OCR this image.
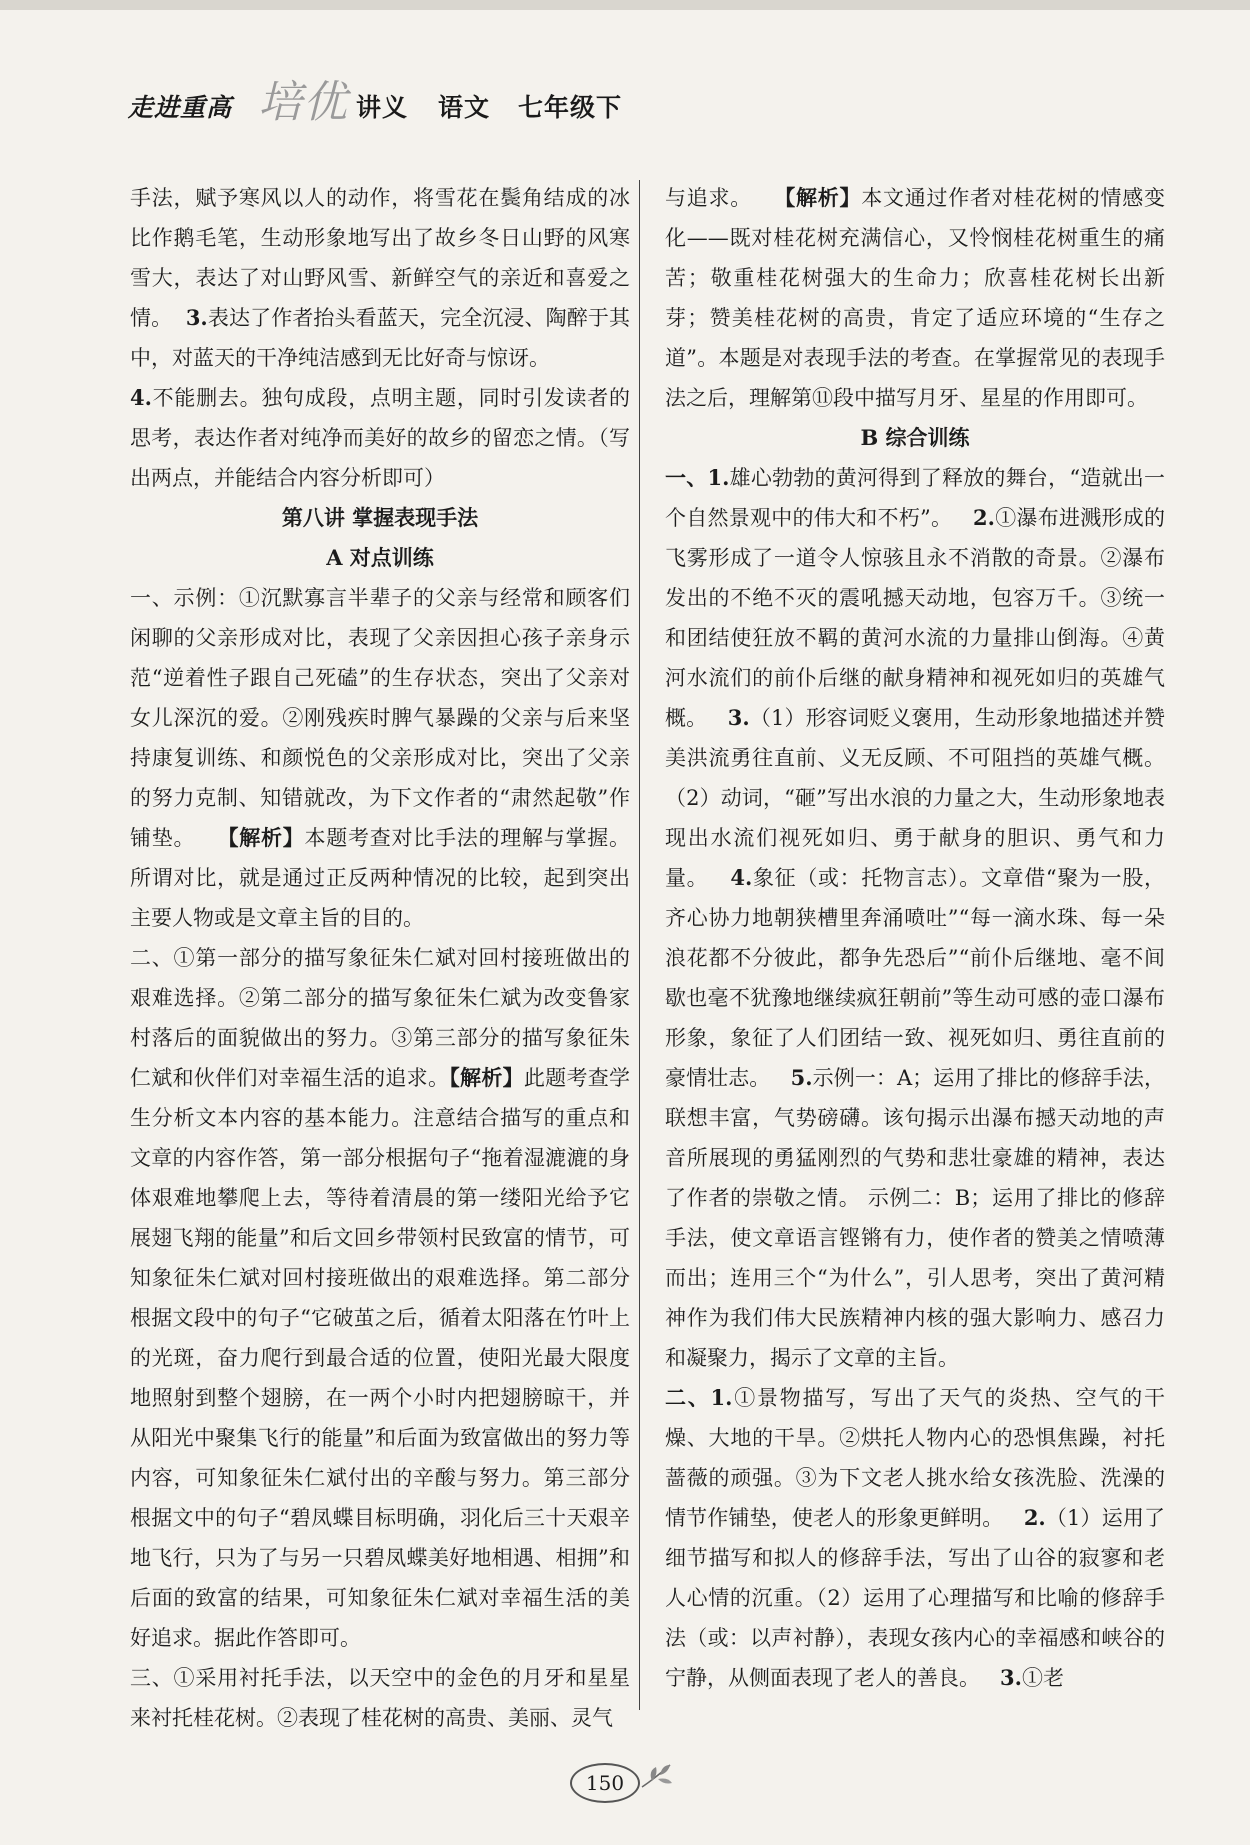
走进重高 培优 讲义 语文 七年级下

手法，赋予寒风以人的动作，将雪花在鬓角结成的冰比作鹅毛笔，生动形象地写出了故乡冬日山野的风寒雪大，表达了对山野风雪、新鲜空气的亲近和喜爱之情。 3.表达了作者抬头看蓝天，完全沉浸、陶醉于其中，对蓝天的干净纯洁感到无比好奇与惊讶。

4.不能删去。独句成段，点明主题，同时引发读者的思考，表达作者对纯净而美好的故乡的留恋之情。（写出两点，并能结合内容分析即可）

第八讲 掌握表现手法

A 对点训练

一、示例：①沉默寡言半辈子的父亲与经常和顾客们闲聊的父亲形成对比，表现了父亲因担心孩子亲身示范“逆着性子跟自己死磕”的生存状态，突出了父亲对女儿深沉的爱。②刚残疾时脾气暴躁的父亲与后来坚持康复训练、和颜悦色的父亲形成对比，突出了父亲的努力克制、知错就改，为下文作者的“肃然起敬”作铺垫。 【解析】本题考查对比手法的理解与掌握。所谓对比，就是通过正反两种情况的比较，起到突出主要人物或是文章主旨的目的。

二、①第一部分的描写象征朱仁斌对回村接班做出的艰难选择。②第二部分的描写象征朱仁斌为改变鲁家村落后的面貌做出的努力。③第三部分的描写象征朱仁斌和伙伴们对幸福生活的追求。【解析】此题考查学生分析文本内容的基本能力。注意结合描写的重点和文章的内容作答，第一部分根据句子“拖着湿漉漉的身体艰难地攀爬上去，等待着清晨的第一缕阳光给予它展翅飞翔的能量”和后文回乡带领村民致富的情节，可知象征朱仁斌对回村接班做出的艰难选择。第二部分根据文段中的句子“它破茧之后，循着太阳落在竹叶上的光斑，奋力爬行到最合适的位置，使阳光最大限度地照射到整个翅膀，在一两个小时内把翅膀晾干，并从阳光中聚集飞行的能量”和后面为致富做出的努力等内容，可知象征朱仁斌付出的辛酸与努力。第三部分根据文中的句子“碧凤蝶目标明确，羽化后三十天艰辛地飞行，只为了与另一只碧凤蝶美好地相遇、相拥”和后面的致富的结果，可知象征朱仁斌对幸福生活的美好追求。据此作答即可。

三、①采用衬托手法，以天空中的金色的月牙和星星来衬托桂花树。②表现了桂花树的高贵、美丽、灵气

与追求。 【解析】本文通过作者对桂花树的情感变化——既对桂花树充满信心，又怜悯桂花树重生的痛苦；敬重桂花树强大的生命力；欣喜桂花树长出新芽；赞美桂花树的高贵，肯定了适应环境的“生存之道”。本题是对表现手法的考查。在掌握常见的表现手法之后，理解第⑪段中描写月牙、星星的作用即可。

B 综合训练

一、1.雄心勃勃的黄河得到了释放的舞台，“造就出一个自然景观中的伟大和不朽”。 2.①瀑布进溅形成的飞雾形成了一道令人惊骇且永不消散的奇景。②瀑布发出的不绝不灭的震吼撼天动地，包容万千。③统一和团结使狂放不羁的黄河水流的力量排山倒海。④黄河水流们的前仆后继的献身精神和视死如归的英雄气概。 3.（1）形容词贬义褒用，生动形象地描述并赞美洪流勇往直前、义无反顾、不可阻挡的英雄气概。（2）动词，“砸”写出水浪的力量之大，生动形象地表现出水流们视死如归、勇于献身的胆识、勇气和力量。 4.象征（或：托物言志）。文章借“聚为一股，齐心协力地朝狭槽里奔涌喷吐”“每一滴水珠、每一朵浪花都不分彼此，都争先恐后”“前仆后继地、毫不间歇也毫不犹豫地继续疯狂朝前”等生动可感的壶口瀑布形象，象征了人们团结一致、视死如归、勇往直前的豪情壮志。 5.示例一：A；运用了排比的修辞手法，联想丰富，气势磅礴。该句揭示出瀑布撼天动地的声音所展现的勇猛刚烈的气势和悲壮豪雄的精神，表达了作者的崇敬之情。 示例二：B；运用了排比的修辞手法，使文章语言铿锵有力，使作者的赞美之情喷薄而出；连用三个“为什么”，引人思考，突出了黄河精神作为我们伟大民族精神内核的强大影响力、感召力和凝聚力，揭示了文章的主旨。

二、1.①景物描写，写出了天气的炎热、空气的干燥、大地的干旱。②烘托人物内心的恐惧焦躁，衬托蔷薇的顽强。③为下文老人挑水给女孩洗脸、洗澡的情节作铺垫，使老人的形象更鲜明。 2.（1）运用了细节描写和拟人的修辞手法，写出了山谷的寂寥和老人心情的沉重。（2）运用了心理描写和比喻的修辞手法（或：以声衬静），表现女孩内心的幸福感和峡谷的宁静，从侧面表现了老人的善良。 3.①老

150
